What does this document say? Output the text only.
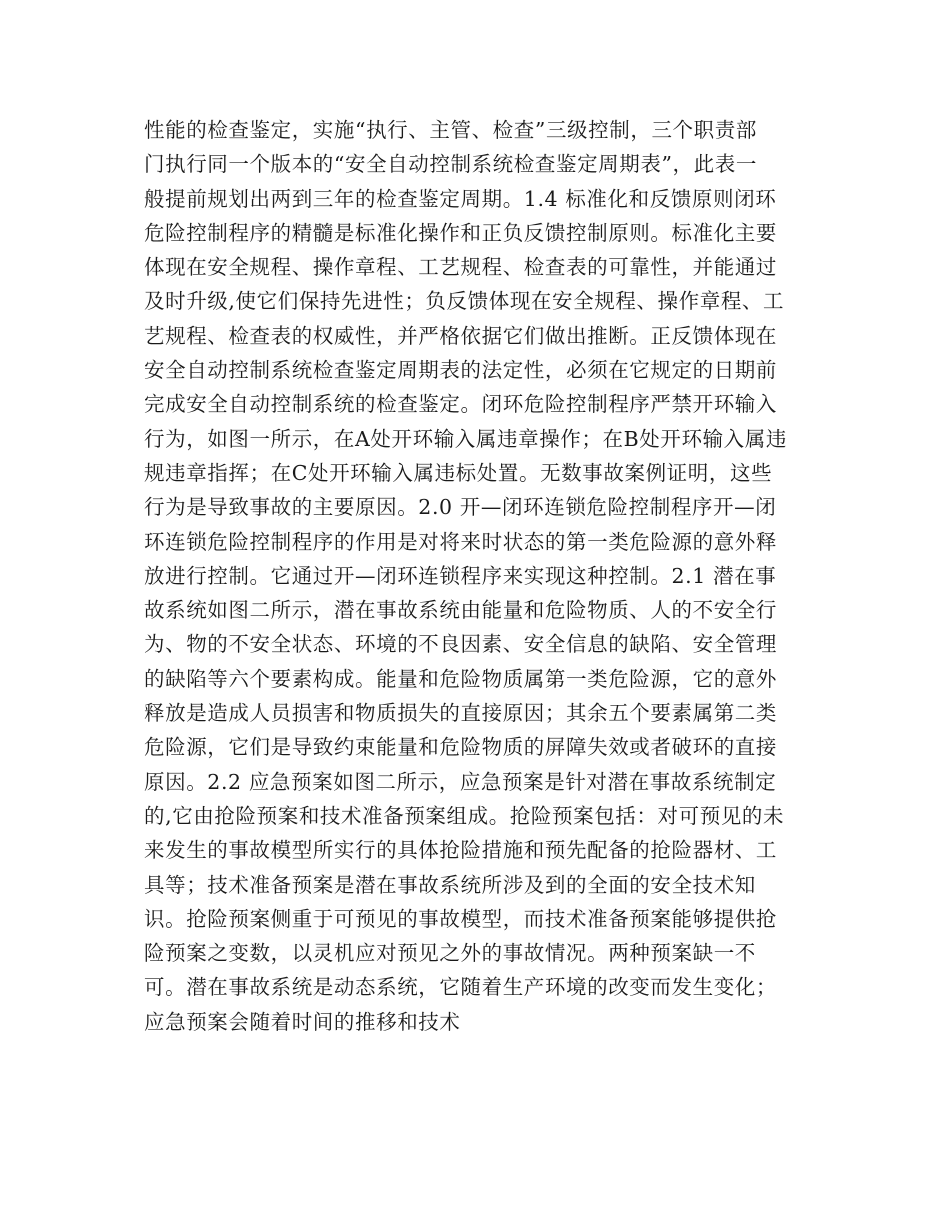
性能的检查鉴定，实施“执行、主管、检查”三级控制，三个职责部
门执行同一个版本的“安全自动控制系统检查鉴定周期表”，此表一
般提前规划出两到三年的检查鉴定周期。1.4 标准化和反馈原则闭环
危险控制程序的精髓是标准化操作和正负反馈控制原则。标准化主要
体现在安全规程、操作章程、工艺规程、检查表的可靠性，并能通过
及时升级,使它们保持先进性；负反馈体现在安全规程、操作章程、工
艺规程、检查表的权威性，并严格依据它们做出推断。正反馈体现在
安全自动控制系统检查鉴定周期表的法定性，必须在它规定的日期前
完成安全自动控制系统的检查鉴定。闭环危险控制程序严禁开环输入
行为，如图一所示，在A处开环输入属违章操作；在B处开环输入属违
规违章指挥；在C处开环输入属违标处置。无数事故案例证明，这些
行为是导致事故的主要原因。2.0 开—闭环连锁危险控制程序开—闭
环连锁危险控制程序的作用是对将来时状态的第一类危险源的意外释
放进行控制。它通过开—闭环连锁程序来实现这种控制。2.1 潜在事
故系统如图二所示，潜在事故系统由能量和危险物质、人的不安全行
为、物的不安全状态、环境的不良因素、安全信息的缺陷、安全管理
的缺陷等六个要素构成。能量和危险物质属第一类危险源，它的意外
释放是造成人员损害和物质损失的直接原因；其余五个要素属第二类
危险源，它们是导致约束能量和危险物质的屏障失效或者破环的直接
原因。2.2 应急预案如图二所示，应急预案是针对潜在事故系统制定
的,它由抢险预案和技术准备预案组成。抢险预案包括：对可预见的未
来发生的事故模型所实行的具体抢险措施和预先配备的抢险器材、工
具等；技术准备预案是潜在事故系统所涉及到的全面的安全技术知
识。抢险预案侧重于可预见的事故模型，而技术准备预案能够提供抢
险预案之变数，以灵机应对预见之外的事故情况。两种预案缺一不
可。潜在事故系统是动态系统，它随着生产环境的改变而发生变化；
应急预案会随着时间的推移和技术
